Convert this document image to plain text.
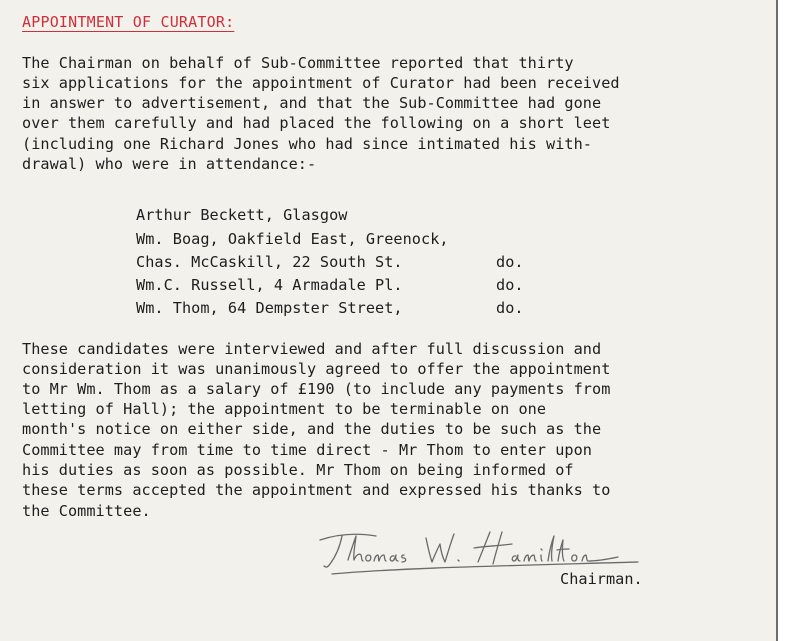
APPOINTMENT OF CURATOR:
The Chairman on behalf of Sub-Committee reported that thirty
six applications for the appointment of Curator had been received
in answer to advertisement, and that the Sub-Committee had gone
over them carefully and had placed the following on a short leet
(including one Richard Jones who had since intimated his with-
drawal) who were in attendance:-
Arthur Beckett, Glasgow
Wm. Boag, Oakfield East, Greenock,
Chas. McCaskill, 22 South St.	do.
Wm.C. Russell, 4 Armadale Pl.	do.
Wm. Thom, 64 Dempster Street,	do.
These candidates were interviewed and after full discussion and
consideration it was unanimously agreed to offer the appointment
to Mr Wm. Thom as a salary of £190 (to include any payments from
letting of Hall); the appointment to be terminable on one
month's notice on either side, and the duties to be such as the
Committee may from time to time direct - Mr Thom to enter upon
his duties as soon as possible. Mr Thom on being informed of
these terms accepted the appointment and expressed his thanks to
the Committee.
Chairman.
